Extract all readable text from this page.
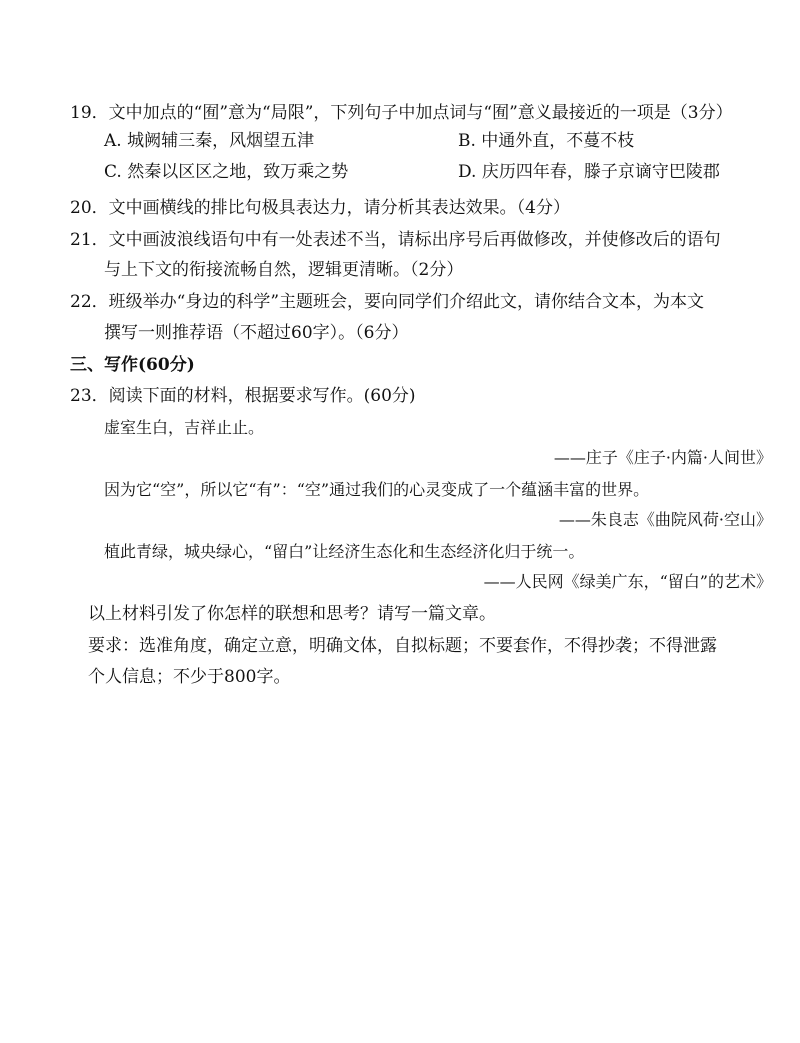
19．文中加点的“囿”意为“局限”，下列句子中加点词与“囿”意义最接近的一项是（3分）
A. 城阙辅三秦，风烟望五津	B. 中通外直，不蔓不枝
C. 然秦以区区之地，致万乘之势	D. 庆历四年春，滕子京谪守巴陵郡
20．文中画横线的排比句极具表达力，请分析其表达效果。（4分）
21．文中画波浪线语句中有一处表述不当，请标出序号后再做修改，并使修改后的语句
与上下文的衔接流畅自然，逻辑更清晰。（2分）
22．班级举办“身边的科学”主题班会，要向同学们介绍此文，请你结合文本，为本文
撰写一则推荐语（不超过60字）。（6分）
三、写作(60分)
23．阅读下面的材料，根据要求写作。(60分)
虚室生白，吉祥止止。
——庄子《庄子·内篇·人间世》
因为它“空”，所以它“有”：“空”通过我们的心灵变成了一个蕴涵丰富的世界。
——朱良志《曲院风荷·空山》
植此青绿，城央绿心，“留白”让经济生态化和生态经济化归于统一。
——人民网《绿美广东，“留白”的艺术》
以上材料引发了你怎样的联想和思考？请写一篇文章。
要求：选准角度，确定立意，明确文体，自拟标题；不要套作，不得抄袭；不得泄露
个人信息；不少于800字。
